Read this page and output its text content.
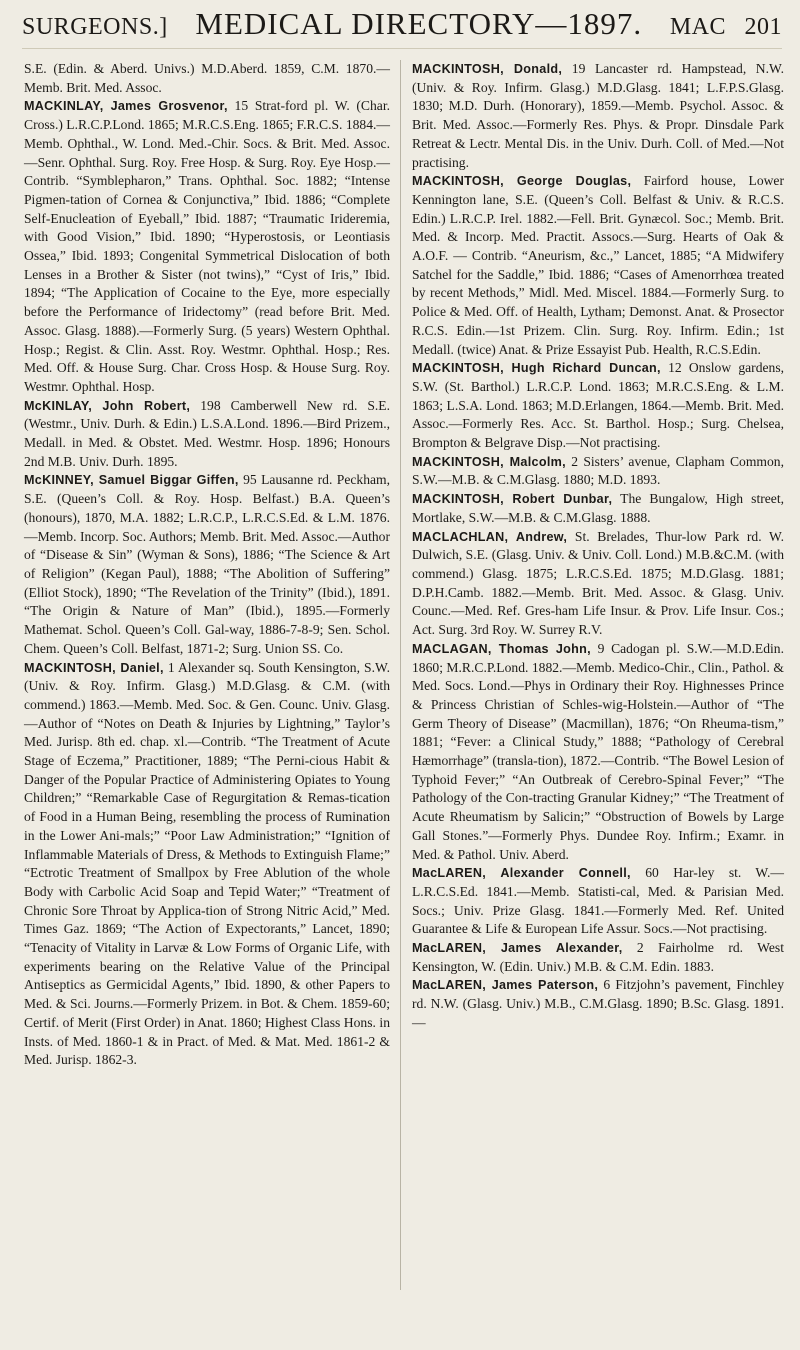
SURGEONS.] MEDICAL DIRECTORY—1897. MAC 201

S.E. (Edin. & Aberd. Univs.) M.D.Aberd. 1859, C.M. 1870.—Memb. Brit. Med. Assoc.

MACKINLAY, James Grosvenor, 15 Strat-ford pl. W. (Char. Cross.) L.R.C.P.Lond. 1865; M.R.C.S.Eng. 1865; F.R.C.S. 1884.—Memb. Ophthal., W. Lond. Med.-Chir. Socs. & Brit. Med. Assoc.—Senr. Ophthal. Surg. Roy. Free Hosp. & Surg. Roy. Eye Hosp.—Contrib. “Symblepharon,” Trans. Ophthal. Soc. 1882; “Intense Pigmen-tation of Cornea & Conjunctiva,” Ibid. 1886; “Complete Self-Enucleation of Eyeball,” Ibid. 1887; “Traumatic Irideremia, with Good Vision,” Ibid. 1890; “Hyperostosis, or Leontiasis Ossea,” Ibid. 1893; Congenital Symmetrical Dislocation of both Lenses in a Brother & Sister (not twins),” “Cyst of Iris,” Ibid. 1894; “The Application of Cocaine to the Eye, more especially before the Performance of Iridectomy” (read before Brit. Med. Assoc. Glasg. 1888).—Formerly Surg. (5 years) Western Ophthal. Hosp.; Regist. & Clin. Asst. Roy. Westmr. Ophthal. Hosp.; Res. Med. Off. & House Surg. Char. Cross Hosp. & House Surg. Roy. Westmr. Ophthal. Hosp.

McKINLAY, John Robert, 198 Camberwell New rd. S.E. (Westmr., Univ. Durh. & Edin.) L.S.A.Lond. 1896.—Bird Prizem., Medall. in Med. & Obstet. Med. Westmr. Hosp. 1896; Honours 2nd M.B. Univ. Durh. 1895.

McKINNEY, Samuel Biggar Giffen, 95 Lausanne rd. Peckham, S.E. (Queen’s Coll. & Roy. Hosp. Belfast.) B.A. Queen’s (honours), 1870, M.A. 1882; L.R.C.P., L.R.C.S.Ed. & L.M. 1876.—Memb. Incorp. Soc. Authors; Memb. Brit. Med. Assoc.—Author of “Disease & Sin” (Wyman & Sons), 1886; “The Science & Art of Religion” (Kegan Paul), 1888; “The Abolition of Suffering” (Elliot Stock), 1890; “The Revelation of the Trinity” (Ibid.), 1891. “The Origin & Nature of Man” (Ibid.), 1895.—Formerly Mathemat. Schol. Queen’s Coll. Gal-way, 1886-7-8-9; Sen. Schol. Chem. Queen’s Coll. Belfast, 1871-2; Surg. Union SS. Co.

MACKINTOSH, Daniel, 1 Alexander sq. South Kensington, S.W. (Univ. & Roy. Infirm. Glasg.) M.D.Glasg. & C.M. (with commend.) 1863.—Memb. Med. Soc. & Gen. Counc. Univ. Glasg.—Author of “Notes on Death & Injuries by Lightning,” Taylor’s Med. Jurisp. 8th ed. chap. xl.—Contrib. “The Treatment of Acute Stage of Eczema,” Practitioner, 1889; “The Perni-cious Habit & Danger of the Popular Practice of Administering Opiates to Young Children;” “Remarkable Case of Regurgitation & Remas-tication of Food in a Human Being, resembling the process of Rumination in the Lower Ani-mals;” “Poor Law Administration;” “Ignition of Inflammable Materials of Dress, & Methods to Extinguish Flame;” “Ectrotic Treatment of Smallpox by Free Ablution of the whole Body with Carbolic Acid Soap and Tepid Water;” “Treatment of Chronic Sore Throat by Applica-tion of Strong Nitric Acid,” Med. Times Gaz. 1869; “The Action of Expectorants,” Lancet, 1890; “Tenacity of Vitality in Larvæ & Low Forms of Organic Life, with experiments bearing on the Relative Value of the Principal Antiseptics as Germicidal Agents,” Ibid. 1890, & other Papers to Med. & Sci. Journs.—Formerly Prizem. in Bot. & Chem. 1859-60; Certif. of Merit (First Order) in Anat. 1860; Highest Class Hons. in Insts. of Med. 1860-1 & in Pract. of Med. & Mat. Med. 1861-2 & Med. Jurisp. 1862-3.

MACKINTOSH, Donald, 19 Lancaster rd. Hampstead, N.W. (Univ. & Roy. Infirm. Glasg.) M.D.Glasg. 1841; L.F.P.S.Glasg. 1830; M.D. Durh. (Honorary), 1859.—Memb. Psychol. Assoc. & Brit. Med. Assoc.—Formerly Res. Phys. & Propr. Dinsdale Park Retreat & Lectr. Mental Dis. in the Univ. Durh. Coll. of Med.—Not practising.

MACKINTOSH, George Douglas, Fairford house, Lower Kennington lane, S.E. (Queen’s Coll. Belfast & Univ. & R.C.S. Edin.) L.R.C.P. Irel. 1882.—Fell. Brit. Gynæcol. Soc.; Memb. Brit. Med. & Incorp. Med. Practit. Assocs.—Surg. Hearts of Oak & A.O.F. — Contrib. “Aneurism, &c.,” Lancet, 1885; “A Midwifery Satchel for the Saddle,” Ibid. 1886; “Cases of Amenorrhœa treated by recent Methods,” Midl. Med. Miscel. 1884.—Formerly Surg. to Police & Med. Off. of Health, Lytham; Demonst. Anat. & Prosector R.C.S. Edin.—1st Prizem. Clin. Surg. Roy. Infirm. Edin.; 1st Medall. (twice) Anat. & Prize Essayist Pub. Health, R.C.S.Edin.

MACKINTOSH, Hugh Richard Duncan, 12 Onslow gardens, S.W. (St. Barthol.) L.R.C.P. Lond. 1863; M.R.C.S.Eng. & L.M. 1863; L.S.A. Lond. 1863; M.D.Erlangen, 1864.—Memb. Brit. Med. Assoc.—Formerly Res. Acc. St. Barthol. Hosp.; Surg. Chelsea, Brompton & Belgrave Disp.—Not practising.

MACKINTOSH, Malcolm, 2 Sisters’ avenue, Clapham Common, S.W.—M.B. & C.M.Glasg. 1880; M.D. 1893.

MACKINTOSH, Robert Dunbar, The Bungalow, High street, Mortlake, S.W.—M.B. & C.M.Glasg. 1888.

MACLACHLAN, Andrew, St. Brelades, Thur-low Park rd. W. Dulwich, S.E. (Glasg. Univ. & Univ. Coll. Lond.) M.B.&C.M. (with commend.) Glasg. 1875; L.R.C.S.Ed. 1875; M.D.Glasg. 1881; D.P.H.Camb. 1882.—Memb. Brit. Med. Assoc. & Glasg. Univ. Counc.—Med. Ref. Gres-ham Life Insur. & Prov. Life Insur. Cos.; Act. Surg. 3rd Roy. W. Surrey R.V.

MACLAGAN, Thomas John, 9 Cadogan pl. S.W.—M.D.Edin. 1860; M.R.C.P.Lond. 1882.—Memb. Medico-Chir., Clin., Pathol. & Med. Socs. Lond.—Phys in Ordinary their Roy. Highnesses Prince & Princess Christian of Schles-wig-Holstein.—Author of “The Germ Theory of Disease” (Macmillan), 1876; “On Rheuma-tism,” 1881; “Fever: a Clinical Study,” 1888; “Pathology of Cerebral Hæmorrhage” (transla-tion), 1872.—Contrib. “The Bowel Lesion of Typhoid Fever;” “An Outbreak of Cerebro-Spinal Fever;” “The Pathology of the Con-tracting Granular Kidney;” “The Treatment of Acute Rheumatism by Salicin;” “Obstruction of Bowels by Large Gall Stones.”—Formerly Phys. Dundee Roy. Infirm.; Examr. in Med. & Pathol. Univ. Aberd.

MacLAREN, Alexander Connell, 60 Har-ley st. W.—L.R.C.S.Ed. 1841.—Memb. Statisti-cal, Med. & Parisian Med. Socs.; Univ. Prize Glasg. 1841.—Formerly Med. Ref. United Guarantee & Life & European Life Assur. Socs.—Not practising.

MacLAREN, James Alexander, 2 Fairholme rd. West Kensington, W. (Edin. Univ.) M.B. & C.M. Edin. 1883.

MacLAREN, James Paterson, 6 Fitzjohn’s pavement, Finchley rd. N.W. (Glasg. Univ.) M.B., C.M.Glasg. 1890; B.Sc. Glasg. 1891.—
